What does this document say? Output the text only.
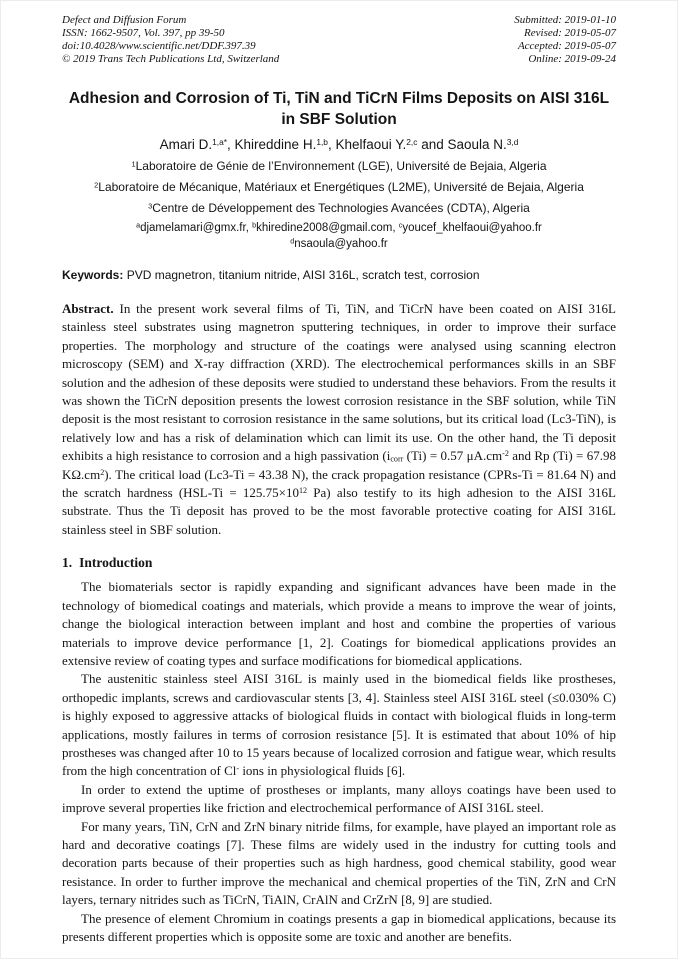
Defect and Diffusion Forum
ISSN: 1662-9507, Vol. 397, pp 39-50
doi:10.4028/www.scientific.net/DDF.397.39
© 2019 Trans Tech Publications Ltd, Switzerland
Submitted: 2019-01-10
Revised: 2019-05-07
Accepted: 2019-05-07
Online: 2019-09-24
Adhesion and Corrosion of Ti, TiN and TiCrN Films Deposits on AISI 316L in SBF Solution
Amari D.$^{1,a*}$, Khireddine H.$^{1,b}$, Khelfaoui Y.$^{2,c}$ and Saoula N.$^{3,d}$
$^1$Laboratoire de Génie de l’Environnement (LGE), Université de Bejaia, Algeria
$^2$Laboratoire de Mécanique, Matériaux et Energétiques (L2ME), Université de Bejaia, Algeria
$^3$Centre de Développement des Technologies Avancées (CDTA), Algeria
$^a$djamelamari@gmx.fr, $^b$khiredine2008@gmail.com, $^c$youcef_khelfaoui@yahoo.fr
$^d$nsaoula@yahoo.fr
Keywords: PVD magnetron, titanium nitride, AISI 316L, scratch test, corrosion
Abstract. In the present work several films of Ti, TiN, and TiCrN have been coated on AISI 316L stainless steel substrates using magnetron sputtering techniques, in order to improve their surface properties. The morphology and structure of the coatings were analysed using scanning electron microscopy (SEM) and X-ray diffraction (XRD). The electrochemical performances skills in an SBF solution and the adhesion of these deposits were studied to understand these behaviors. From the results it was shown the TiCrN deposition presents the lowest corrosion resistance in the SBF solution, while TiN deposit is the most resistant to corrosion resistance in the same solutions, but its critical load (Lc3-TiN), is relatively low and has a risk of delamination which can limit its use. On the other hand, the Ti deposit exhibits a high resistance to corrosion and a high passivation ($i_{corr}$ (Ti) = 0.57 $\mu A.cm^{-2}$ and Rp (Ti) = 67.98 $K\Omega.cm^2$). The critical load (Lc3-Ti = 43.38 N), the crack propagation resistance (CPRs-Ti = 81.64 N) and the scratch hardness ($HSL-Ti = 125.75\times 10^{12}$ Pa) also testify to its high adhesion to the AISI 316L substrate. Thus the Ti deposit has proved to be the most favorable protective coating for AISI 316L stainless steel in SBF solution.
1. Introduction

The biomaterials sector is rapidly expanding and significant advances have been made in the technology of biomedical coatings and materials, which provide a means to improve the wear of joints, change the biological interaction between implant and host and combine the properties of various materials to improve device performance [1, 2]. Coatings for biomedical applications provides an extensive review of coating types and surface modifications for biomedical applications.

The austenitic stainless steel AISI 316L is mainly used in the biomedical fields like prostheses, orthopedic implants, screws and cardiovascular stents [3, 4]. Stainless steel AISI 316L steel (≤0.030% C) is highly exposed to aggressive attacks of biological fluids in contact with biological fluids in long-term applications, mostly failures in terms of corrosion resistance [5]. It is estimated that about 10% of hip prostheses was changed after 10 to 15 years because of localized corrosion and fatigue wear, which results from the high concentration of Cl- ions in physiological fluids [6].

In order to extend the uptime of prostheses or implants, many alloys coatings have been used to improve several properties like friction and electrochemical performance of AISI 316L steel.

For many years, TiN, CrN and ZrN binary nitride films, for example, have played an important role as hard and decorative coatings [7]. These films are widely used in the industry for cutting tools and decoration parts because of their properties such as high hardness, good chemical stability, good wear resistance. In order to further improve the mechanical and chemical properties of the TiN, ZrN and CrN layers, ternary nitrides such as TiCrN, TiAlN, CrAlN and CrZrN [8, 9] are studied.

The presence of element Chromium in coatings presents a gap in biomedical applications, because its presents different properties which is opposite some are toxic and another are benefits.
